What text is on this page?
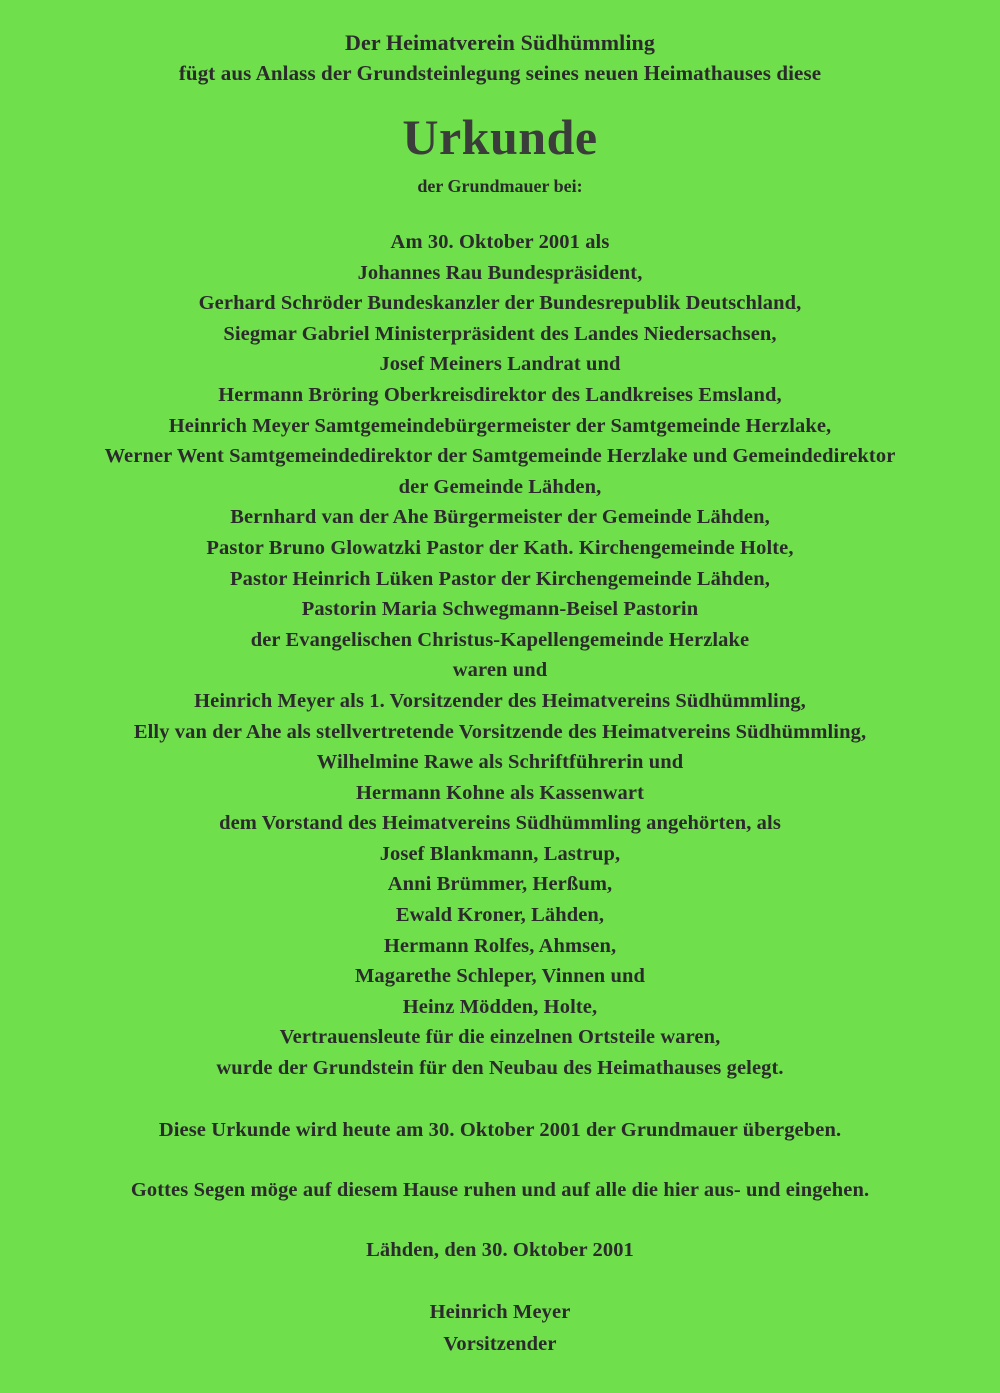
Der Heimatverein Südhümmling
fügt aus Anlass der Grundsteinlegung seines neuen Heimathauses diese
Urkunde
der Grundmauer bei:
Am 30. Oktober 2001 als
Johannes Rau Bundespräsident,
Gerhard Schröder Bundeskanzler der Bundesrepublik Deutschland,
Siegmar Gabriel Ministerpräsident des Landes Niedersachsen,
Josef Meiners Landrat und
Hermann Bröring Oberkreisdirektor des Landkreises Emsland,
Heinrich Meyer Samtgemeindebürgermeister der Samtgemeinde Herzlake,
Werner Went Samtgemeindedirektor der Samtgemeinde Herzlake und Gemeindedirektor
der Gemeinde Lähden,
Bernhard van der Ahe Bürgermeister der Gemeinde Lähden,
Pastor Bruno Glowatzki Pastor der Kath. Kirchengemeinde Holte,
Pastor Heinrich Lüken Pastor der Kirchengemeinde Lähden,
Pastorin Maria Schwegmann-Beisel Pastorin
der Evangelischen Christus-Kapellengemeinde Herzlake
waren und
Heinrich Meyer als 1. Vorsitzender des Heimatvereins Südhümmling,
Elly van der Ahe als stellvertretende Vorsitzende des Heimatvereins Südhümmling,
Wilhelmine Rawe als Schriftführerin und
Hermann Kohne als Kassenwart
dem Vorstand des Heimatvereins Südhümmling angehörten, als
Josef Blankmann, Lastrup,
Anni Brümmer, Herßum,
Ewald Kroner, Lähden,
Hermann Rolfes, Ahmsen,
Magarethe Schleper, Vinnen und
Heinz Mödden, Holte,
Vertrauensleute für die einzelnen Ortsteile waren,
wurde der Grundstein für den Neubau des Heimathauses gelegt.
Diese Urkunde wird heute am 30. Oktober 2001 der Grundmauer übergeben.
Gottes Segen möge auf diesem Hause ruhen und auf alle die hier aus- und eingehen.
Lähden, den 30. Oktober 2001
Heinrich Meyer
Vorsitzender
